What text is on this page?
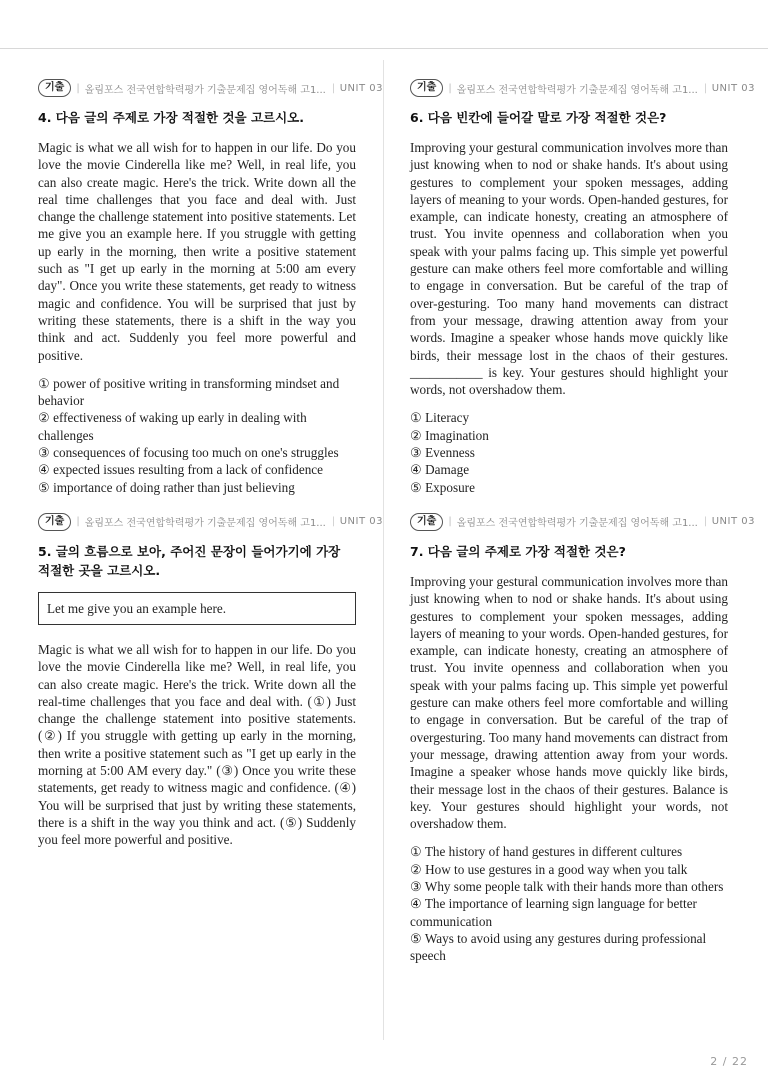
기출	| 올림포스 전국연합학력평가 기출문제집 영어독해 고1... | UNIT 03
4. 다음 글의 주제로 가장 적절한 것을 고르시오.

Magic is what we all wish for to happen in our life. Do you love the movie Cinderella like me? Well, in real life, you can also create magic. Here's the trick. Write down all the real time challenges that you face and deal with. Just change the challenge statement into positive statements. Let me give you an example here. If you struggle with getting up early in the morning, then write a positive statement such as "I get up early in the morning at 5:00 am every day". Once you write these statements, get ready to witness magic and confidence. You will be surprised that just by writing these statements, there is a shift in the way you think and act. Suddenly you feel more powerful and positive.

① power of positive writing in transforming mindset and behavior
② effectiveness of waking up early in dealing with challenges
③ consequences of focusing too much on one's struggles
④ expected issues resulting from a lack of confidence
⑤ importance of doing rather than just believing
기출	| 올림포스 전국연합학력평가 기출문제집 영어독해 고1... | UNIT 03
5. 글의 흐름으로 보아, 주어진 문장이 들어가기에 가장 적절한 곳을 고르시오.
Let me give you an example here.

Magic is what we all wish for to happen in our life. Do you love the movie Cinderella like me? Well, in real life, you can also create magic. Here's the trick. Write down all the real-time challenges that you face and deal with. (①) Just change the challenge statement into positive statements. (②) If you struggle with getting up early in the morning, then write a positive statement such as "I get up early in the morning at 5:00 AM every day." (③) Once you write these statements, get ready to witness magic and confidence. (④) You will be surprised that just by writing these statements, there is a shift in the way you think and act. (⑤) Suddenly you feel more powerful and positive.

기출	| 올림포스 전국연합학력평가 기출문제집 영어독해 고1... | UNIT 03
6. 다음 빈칸에 들어갈 말로 가장 적절한 것은?

Improving your gestural communication involves more than just knowing when to nod or shake hands. It's about using gestures to complement your spoken messages, adding layers of meaning to your words. Open-handed gestures, for example, can indicate honesty, creating an atmosphere of trust. You invite openness and collaboration when you speak with your palms facing up. This simple yet powerful gesture can make others feel more comfortable and willing to engage in conversation. But be careful of the trap of over-gesturing. Too many hand movements can distract from your message, drawing attention away from your words. Imagine a speaker whose hands move quickly like birds, their message lost in the chaos of their gestures. ___________ is key. Your gestures should highlight your words, not overshadow them.

① Literacy
② Imagination
③ Evenness
④ Damage
⑤ Exposure
기출	| 올림포스 전국연합학력평가 기출문제집 영어독해 고1... | UNIT 03
7. 다음 글의 주제로 가장 적절한 것은?

Improving your gestural communication involves more than just knowing when to nod or shake hands. It's about using gestures to complement your spoken messages, adding layers of meaning to your words. Open-handed gestures, for example, can indicate honesty, creating an atmosphere of trust. You invite openness and collaboration when you speak with your palms facing up. This simple yet powerful gesture can make others feel more comfortable and willing to engage in conversation. But be careful of the trap of overgesturing. Too many hand movements can distract from your message, drawing attention away from your words. Imagine a speaker whose hands move quickly like birds, their message lost in the chaos of their gestures. Balance is key. Your gestures should highlight your words, not overshadow them.

① The history of hand gestures in different cultures
② How to use gestures in a good way when you talk
③ Why some people talk with their hands more than others
④ The importance of learning sign language for better communication
⑤ Ways to avoid using any gestures during professional speech
2 / 22
